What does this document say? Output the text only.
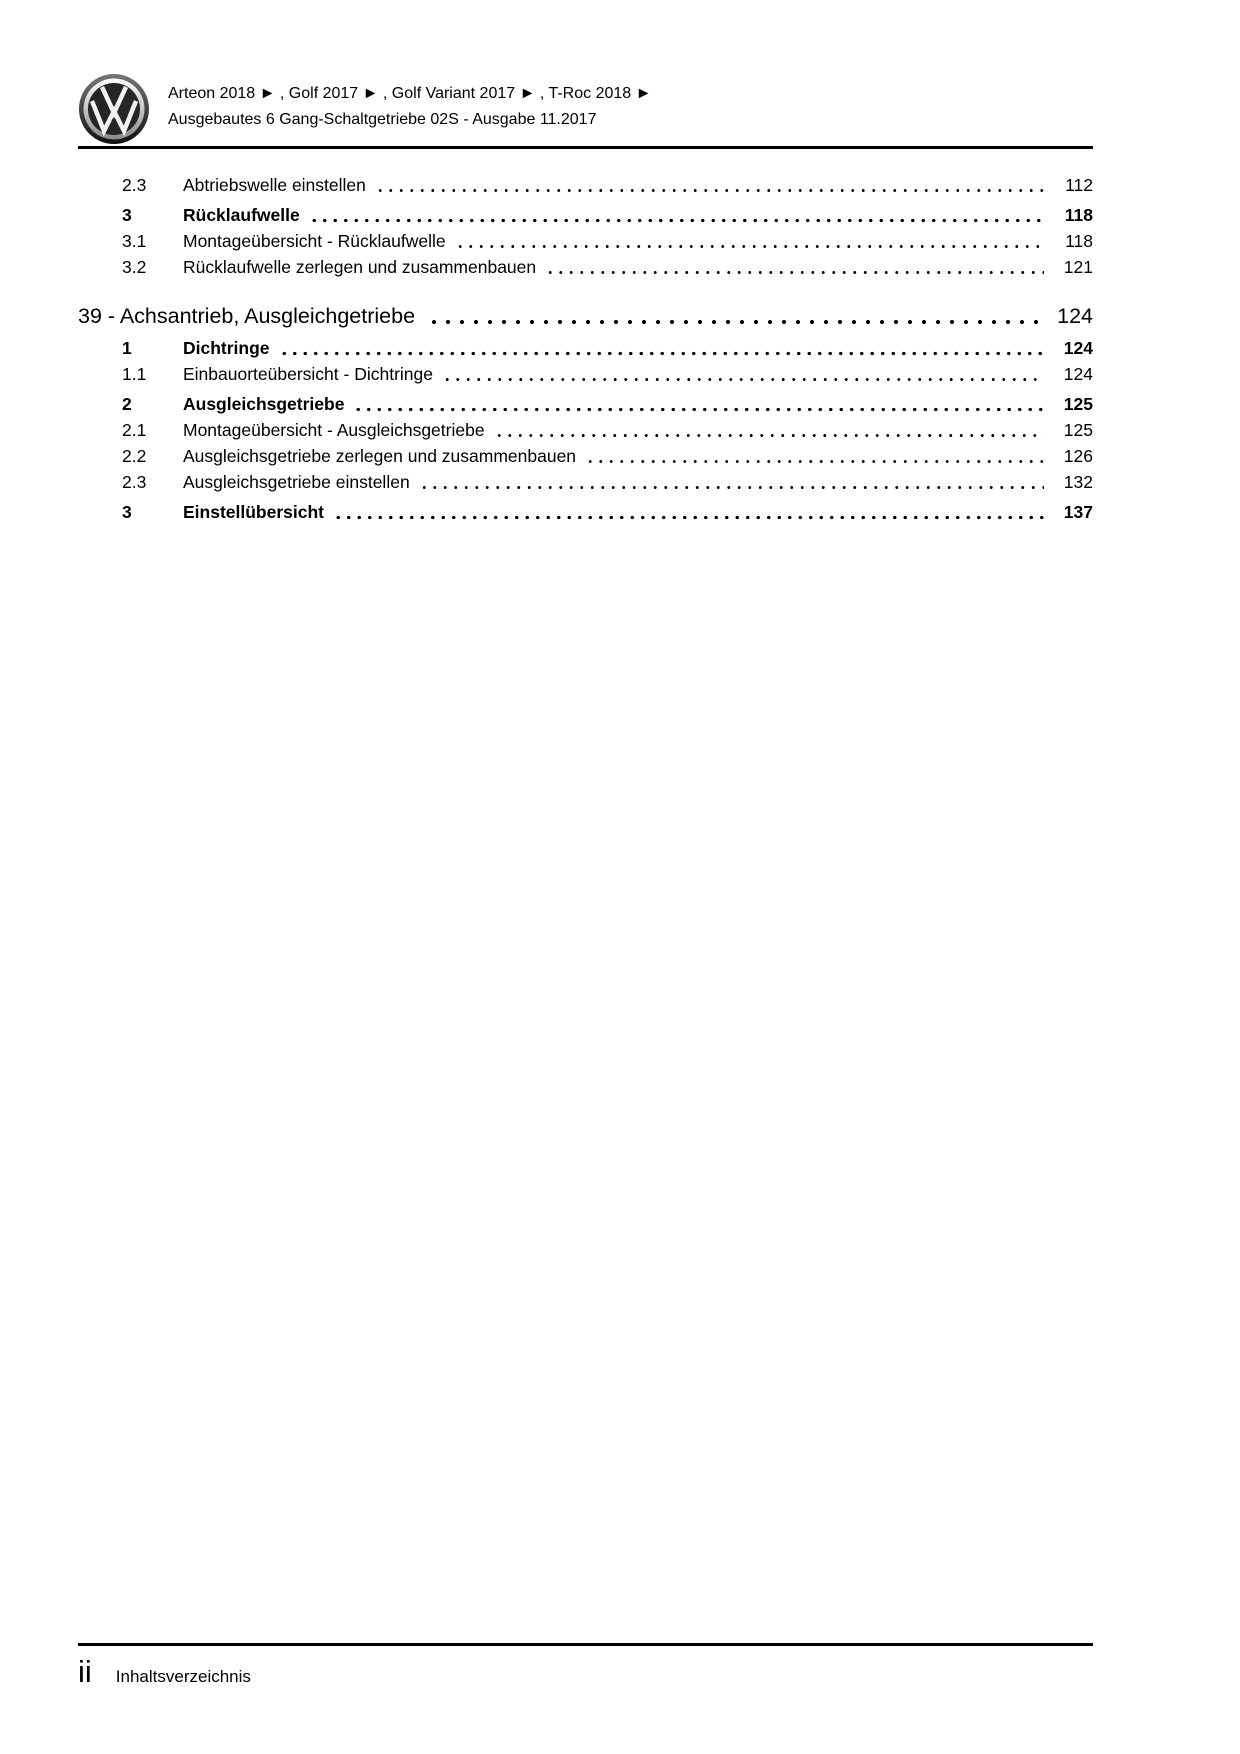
Arteon 2018 ► , Golf 2017 ► , Golf Variant 2017 ► , T-Roc 2018 ►
Ausgebautes 6 Gang-Schaltgetriebe 02S - Ausgabe 11.2017
2.3	Abtriebswelle einstellen	112
3	Rücklaufwelle	118
3.1	Montageübersicht - Rücklaufwelle	118
3.2	Rücklaufwelle zerlegen und zusammenbauen	121
39 - Achsantrieb, Ausgleichgetriebe	124
1	Dichtringe	124
1.1	Einbauorteübersicht - Dichtringe	124
2	Ausgleichsgetriebe	125
2.1	Montageübersicht - Ausgleichsgetriebe	125
2.2	Ausgleichsgetriebe zerlegen und zusammenbauen	126
2.3	Ausgleichsgetriebe einstellen	132
3	Einstellübersicht	137
ii Inhaltsverzeichnis
